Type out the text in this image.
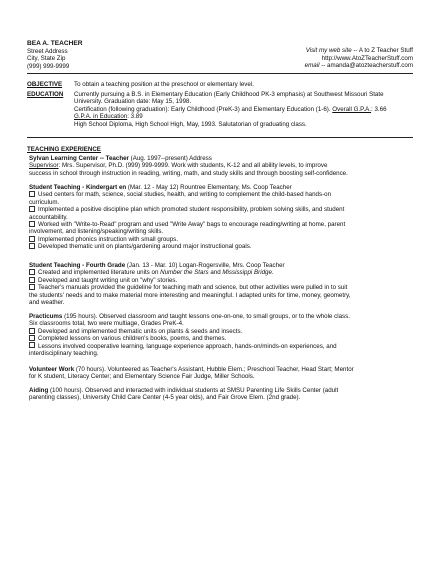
BEA A. TEACHER
Street Address
City, State Zip
(999) 999-9999
Visit my web site -- A to Z Teacher Stuff
http://www.AtoZTeacherStuff.com
email -- amanda@atozteacherstuff.com
OBJECTIVE To obtain a teaching position at the preschool or elementary level.
EDUCATION Currently pursuing a B.S. in Elementary Education (Early Childhood PK-3 emphasis) at Southwest Missouri State
University. Graduation date: May 15, 1998.
Certification (following graduation): Early Childhood (PreK-3) and Elementary Education (1-6). Overall G.P.A.: 3.66
G.P.A. in Education: 3.89
High School Diploma, High School High, May, 1993. Salutatorian of graduating class.
TEACHING EXPERIENCE

Sylvan Learning Center -- Teacher (Aug. 1997--present) Address

Supervisor: Mrs. Supervisor, Ph.D. (999) 999-9999. Work with students, K-12 and all ability levels, to improve

success in school through instruction in reading, writing, math, and study skills and through boosting self-confidence.

Student Teaching - Kindergart en (Mar. 12 - May 12) Rountree Elementary, Ms. Coop Teacher

Used centers for math, science, social studies, health, and writing to complement the child-based hands-on

curriculum.

Implemented a positive discipline plan which promoted student responsibility, problem solving skills, and student

accountability.

Worked with "Write-to-Read" program and used "Write Away" bags to encourage reading/writing at home, parent

involvement, and listening/speaking/writing skills.

Implemented phonics instruction with small groups.

Developed thematic unit on plants/gardening around major instructional goals.

Student Teaching - Fourth Grade (Jan. 13 - Mar. 10) Logan-Rogersville, Mrs. Coop Teacher

Created and implemented literature units on Number the Stars and Mississippi Bridge.

Developed and taught writing unit on "why" stories.

Teacher's manuals provided the guideline for teaching math and science, but other activities were pulled in to suit

the students' needs and to make material more interesting and meaningful. I adapted units for time, money, geometry,

and weather.

Practicums (195 hours). Observed classroom and taught lessons one-on-one, to small groups, or to the whole class.

Six classrooms total, two were multiage, Grades PreK-4.

Developed and implemented thematic units on plants & seeds and insects.

Completed lessons on various children's books, poems, and themes.

Lessons involved cooperative learning, language experience approach, hands-on/minds-on experiences, and

interdisciplinary teaching.

Volunteer Work (70 hours). Volunteered as Teacher's Assistant, Hubble Elem.; Preschool Teacher, Head Start; Mentor

for K student, Literacy Center; and Elementary Science Fair Judge, Miller Schools.

Aiding (100 hours). Observed and interacted with individual students at SMSU Parenting Life Skills Center (adult

parenting classes), University Child Care Center (4-5 year olds), and Fair Grove Elem. (2nd grade).
